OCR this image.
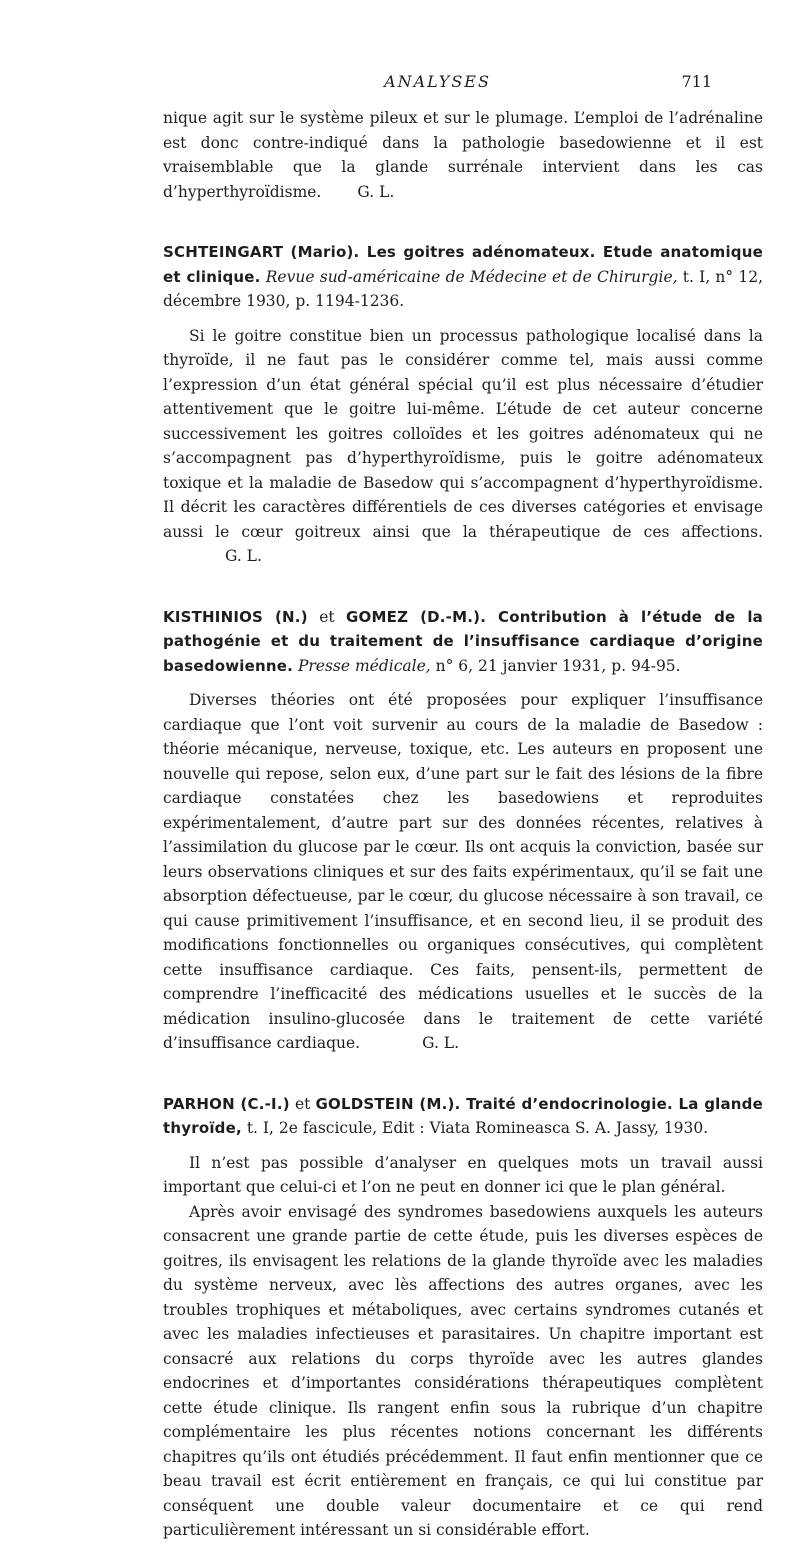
ANALYSES	711

nique agit sur le système pileux et sur le plumage. L’emploi de l’adrénaline est donc contre-indiqué dans la pathologie basedowienne et il est vraisemblable que la glande surrénale intervient dans les cas d’hyperthyroïdisme. G. L.

SCHTEINGART (Mario). Les goitres adénomateux. Etude anatomique et clinique. Revue sud-américaine de Médecine et de Chirurgie, t. I, n° 12, décembre 1930, p. 1194-1236.

Si le goitre constitue bien un processus pathologique localisé dans la thyroïde, il ne faut pas le considérer comme tel, mais aussi comme l’expression d’un état général spécial qu’il est plus nécessaire d’étudier attentivement que le goitre lui-même. L’étude de cet auteur concerne successivement les goitres colloïdes et les goitres adénomateux qui ne s’accompagnent pas d’hyperthyroïdisme, puis le goitre adénomateux toxique et la maladie de Basedow qui s’accompagnent d’hyperthyroïdisme. Il décrit les caractères différentiels de ces diverses catégories et envisage aussi le cœur goitreux ainsi que la thérapeutique de ces affections.G. L.

KISTHINIOS (N.) et GOMEZ (D.-M.). Contribution à l’étude de la pathogénie et du traitement de l’insuffisance cardiaque d’origine basedowienne. Presse médicale, n° 6, 21 janvier 1931, p. 94-95.

Diverses théories ont été proposées pour expliquer l’insuffisance cardiaque que l’ont voit survenir au cours de la maladie de Basedow : théorie mécanique, nerveuse, toxique, etc. Les auteurs en proposent une nouvelle qui repose, selon eux, d’une part sur le fait des lésions de la fibre cardiaque constatées chez les basedowiens et reproduites expérimentalement, d’autre part sur des données récentes, relatives à l’assimilation du glucose par le cœur. Ils ont acquis la conviction, basée sur leurs observations cliniques et sur des faits expérimentaux, qu’il se fait une absorption défectueuse, par le cœur, du glucose nécessaire à son travail, ce qui cause primitivement l’insuffisance, et en second lieu, il se produit des modifications fonctionnelles ou organiques consécutives, qui complètent cette insuffisance cardiaque. Ces faits, pensent-ils, permettent de comprendre l’inefficacité des médications usuelles et le succès de la médication insulino-glucosée dans le traitement de cette variété d’insuffisance cardiaque.	G. L.

PARHON (C.-I.) et GOLDSTEIN (M.). Traité d’endocrinologie. La glande thyroïde, t. I, 2e fascicule, Edit : Viata Romineasca S. A. Jassy, 1930.

Il n’est pas possible d’analyser en quelques mots un travail aussi important que celui-ci et l’on ne peut en donner ici que le plan général.

Après avoir envisagé des syndromes basedowiens auxquels les auteurs consacrent une grande partie de cette étude, puis les diverses espèces de goitres, ils envisagent les relations de la glande thyroïde avec les maladies du système nerveux, avec lès affections des autres organes, avec les troubles trophiques et métaboliques, avec certains syndromes cutanés et avec les maladies infectieuses et parasitaires. Un chapitre important est consacré aux relations du corps thyroïde avec les autres glandes endocrines et d’importantes considérations thérapeutiques complètent cette étude clinique. Ils rangent enfin sous la rubrique d’un chapitre complémentaire les plus récentes notions concernant les différents chapitres qu’ils ont étudiés précédemment. Il faut enfin mentionner que ce beau travail est écrit entièrement en français, ce qui lui constitue par conséquent une double valeur documentaire et ce qui rend particulièrement intéressant un si considérable effort.
